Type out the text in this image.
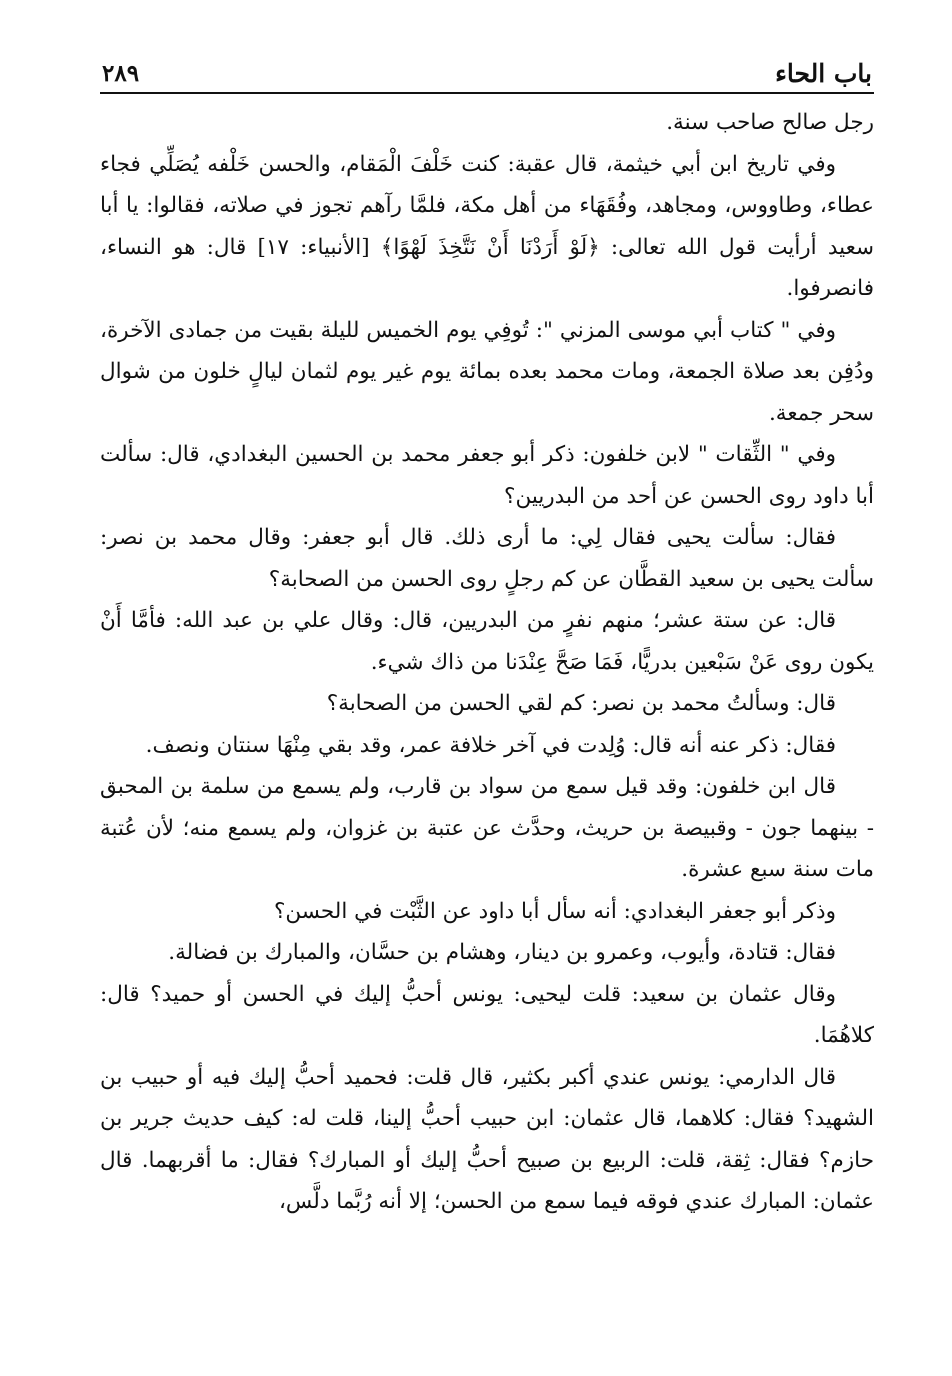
باب الحاء
٢٨٩

رجل صالح صاحب سنة.

وفي تاريخ ابن أبي خيثمة، قال عقبة: كنت خَلْفَ الْمَقام، والحسن خَلْفه يُصَلِّي فجاء عطاء، وطاووس، ومجاهد، وفُقَهَاء من أهل مكة، فلمَّا رآهم تجوز في صلاته، فقالوا: يا أبا سعيد أرأيت قول الله تعالى: ﴿لَوْ أَرَدْنَا أَنْ نَتَّخِذَ لَهْوًا﴾ [الأنبياء: ١٧] قال: هو النساء، فانصرفوا.

وفي " كتاب أبي موسى المزني ": تُوفِي يوم الخميس لليلة بقيت من جمادى الآخرة، ودُفِن بعد صلاة الجمعة، ومات محمد بعده بمائة يوم غير يوم لثمان ليالٍ خلون من شوال سحر جمعة.

وفي " الثِّقات " لابن خلفون: ذكر أبو جعفر محمد بن الحسين البغدادي، قال: سألت أبا داود روى الحسن عن أحد من البدريين؟

فقال: سألت يحيى فقال لِي: ما أرى ذلك. قال أبو جعفر: وقال محمد بن نصر: سألت يحيى بن سعيد القطَّان عن كم رجلٍ روى الحسن من الصحابة؟

قال: عن ستة عشر؛ منهم نفرٍ من البدريين، قال: وقال علي بن عبد الله: فأمَّا أَنْ يكون روى عَنْ سَبْعين بدريًّا، فَمَا صَحَّ عِنْدَنا من ذاك شيء.

قال: وسألتُ محمد بن نصر: كم لقي الحسن من الصحابة؟

فقال: ذكر عنه أنه قال: وُلِدت في آخر خلافة عمر، وقد بقي مِنْهَا سنتان ونصف.

قال ابن خلفون: وقد قيل سمع من سواد بن قارب، ولم يسمع من سلمة بن المحبق - بينهما جون - وقبيصة بن حريث، وحدَّث عن عتبة بن غزوان، ولم يسمع منه؛ لأن عُتبة مات سنة سبع عشرة.

وذكر أبو جعفر البغدادي: أنه سأل أبا داود عن الثَّبْت في الحسن؟

فقال: قتادة، وأيوب، وعمرو بن دينار، وهشام بن حسَّان، والمبارك بن فضالة.

وقال عثمان بن سعيد: قلت ليحيى: يونس أحبُّ إليك في الحسن أو حميد؟ قال: كلاهُمَا.

قال الدارمي: يونس عندي أكبر بكثير، قال قلت: فحميد أحبُّ إليك فيه أو حبيب بن الشهيد؟ فقال: كلاهما، قال عثمان: ابن حبيب أحبُّ إلينا، قلت له: كيف حديث جرير بن حازم؟ فقال: ثِقة، قلت: الربيع بن صبيح أحبُّ إليك أو المبارك؟ فقال: ما أقربهما. قال عثمان: المبارك عندي فوقه فيما سمع من الحسن؛ إلا أنه رُبَّما دلَّس،
